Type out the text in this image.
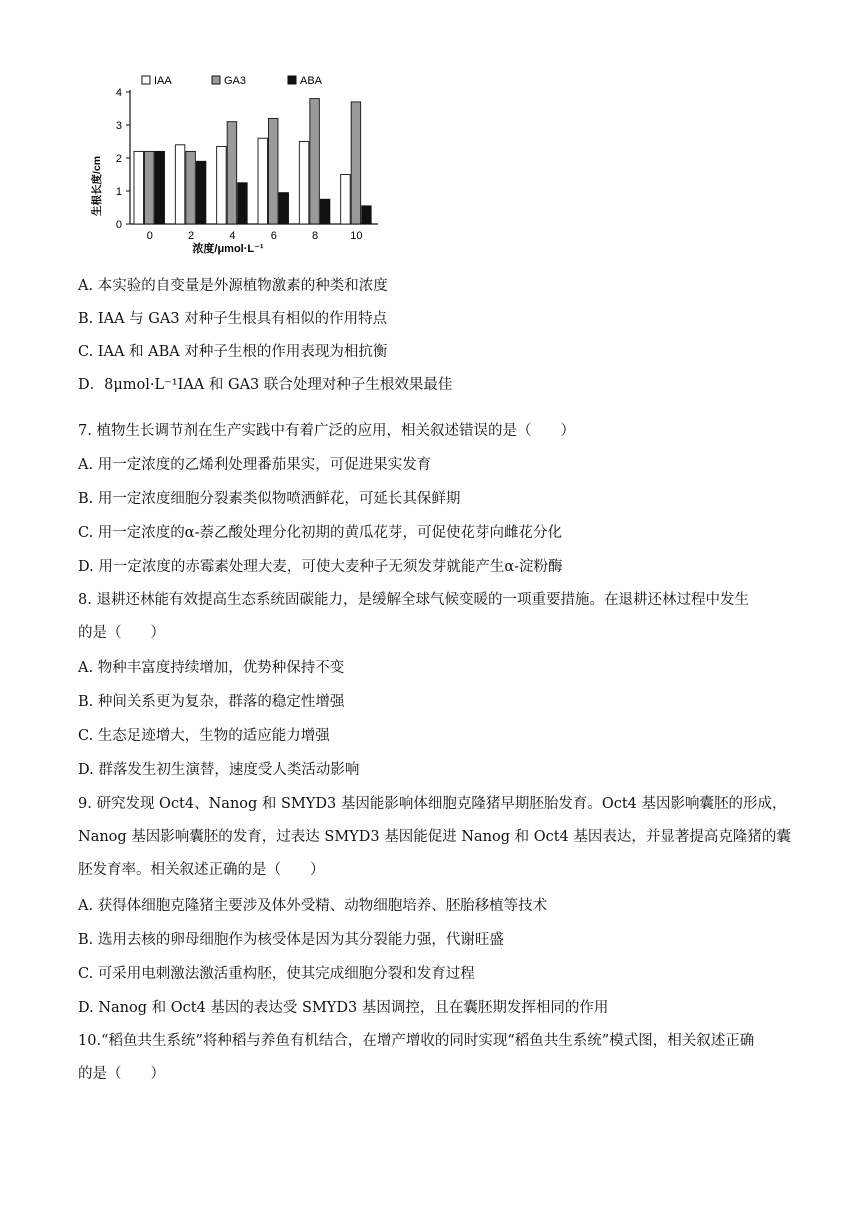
IAA	GA3	ABA
生根长度/cm
浓度/μmol·L⁻¹
0
1
2
3
4
0	2	4	6	8	10
A. 本实验的自变量是外源植物激素的种类和浓度
B. IAA 与 GA3 对种子生根具有相似的作用特点
C. IAA 和 ABA 对种子生根的作用表现为相抗衡
D．8μmol·L⁻¹IAA 和 GA3 联合处理对种子生根效果最佳
7. 植物生长调节剂在生产实践中有着广泛的应用，相关叙述错误的是（　　）
A. 用一定浓度的乙烯利处理番茄果实，可促进果实发育
B. 用一定浓度细胞分裂素类似物喷洒鲜花，可延长其保鲜期
C. 用一定浓度的α-萘乙酸处理分化初期的黄瓜花芽，可促使花芽向雌花分化
D. 用一定浓度的赤霉素处理大麦，可使大麦种子无须发芽就能产生α-淀粉酶
8. 退耕还林能有效提高生态系统固碳能力，是缓解全球气候变暖的一项重要措施。在退耕还林过程中发生
的是（　　）
A. 物种丰富度持续增加，优势种保持不变
B. 种间关系更为复杂，群落的稳定性增强
C. 生态足迹增大，生物的适应能力增强
D. 群落发生初生演替，速度受人类活动影响
9. 研究发现 Oct4、Nanog 和 SMYD3 基因能影响体细胞克隆猪早期胚胎发育。Oct4 基因影响囊胚的形成，
Nanog 基因影响囊胚的发育，过表达 SMYD3 基因能促进 Nanog 和 Oct4 基因表达，并显著提高克隆猪的囊
胚发育率。相关叙述正确的是（　　）
A. 获得体细胞克隆猪主要涉及体外受精、动物细胞培养、胚胎移植等技术
B. 选用去核的卵母细胞作为核受体是因为其分裂能力强，代谢旺盛
C. 可采用电刺激法激活重构胚，使其完成细胞分裂和发育过程
D. Nanog 和 Oct4 基因的表达受 SMYD3 基因调控，且在囊胚期发挥相同的作用
10.“稻鱼共生系统”将种稻与养鱼有机结合，在增产增收的同时实现“稻鱼共生系统”模式图，相关叙述正确
的是（　　）
